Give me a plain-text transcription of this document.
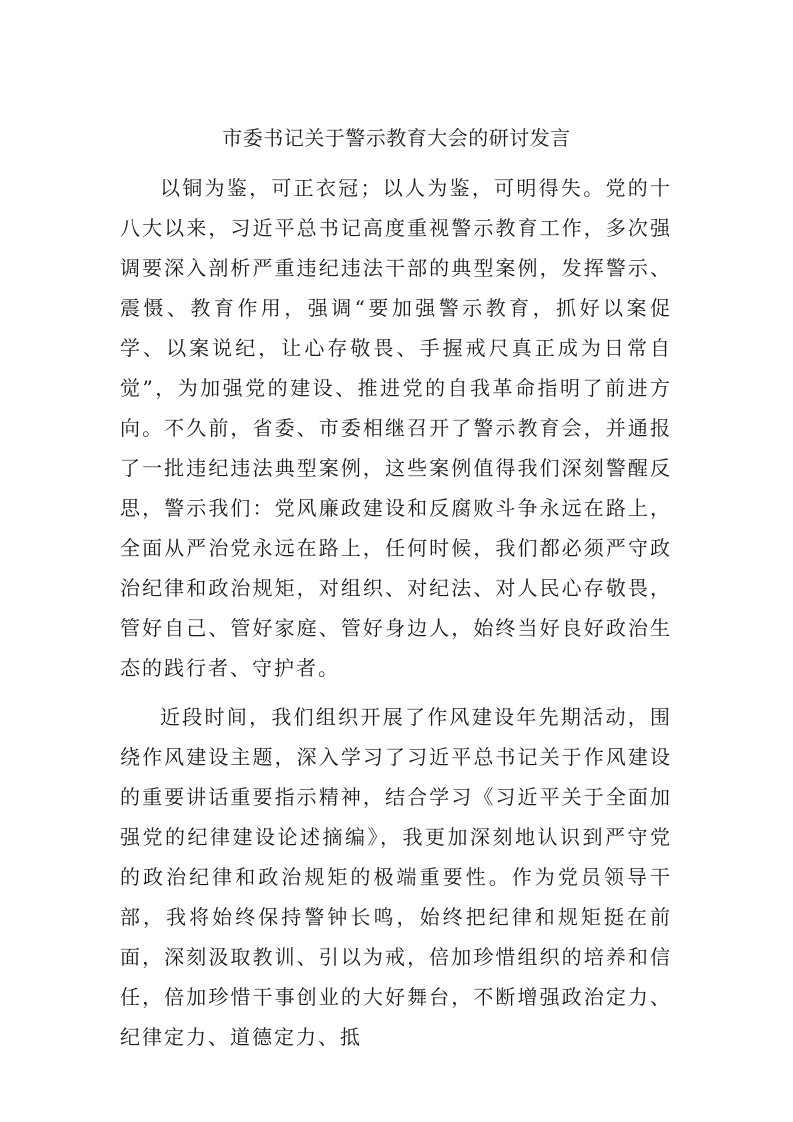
市委书记关于警示教育大会的研讨发言

以铜为鉴，可正衣冠；以人为鉴，可明得失。党的十八大以来，习近平总书记高度重视警示教育工作，多次强调要深入剖析严重违纪违法干部的典型案例，发挥警示、震慑、教育作用，强调“要加强警示教育，抓好以案促学、以案说纪，让心存敬畏、手握戒尺真正成为日常自觉”，为加强党的建设、推进党的自我革命指明了前进方向。不久前，省委、市委相继召开了警示教育会，并通报了一批违纪违法典型案例，这些案例值得我们深刻警醒反思，警示我们：党风廉政建设和反腐败斗争永远在路上，全面从严治党永远在路上，任何时候，我们都必须严守政治纪律和政治规矩，对组织、对纪法、对人民心存敬畏，管好自己、管好家庭、管好身边人，始终当好良好政治生态的践行者、守护者。

近段时间，我们组织开展了作风建设年先期活动，围绕作风建设主题，深入学习了习近平总书记关于作风建设的重要讲话重要指示精神，结合学习《习近平关于全面加强党的纪律建设论述摘编》，我更加深刻地认识到严守党的政治纪律和政治规矩的极端重要性。作为党员领导干部，我将始终保持警钟长鸣，始终把纪律和规矩挺在前面，深刻汲取教训、引以为戒，倍加珍惜组织的培养和信任，倍加珍惜干事创业的大好舞台，不断增强政治定力、纪律定力、道德定力、抵
